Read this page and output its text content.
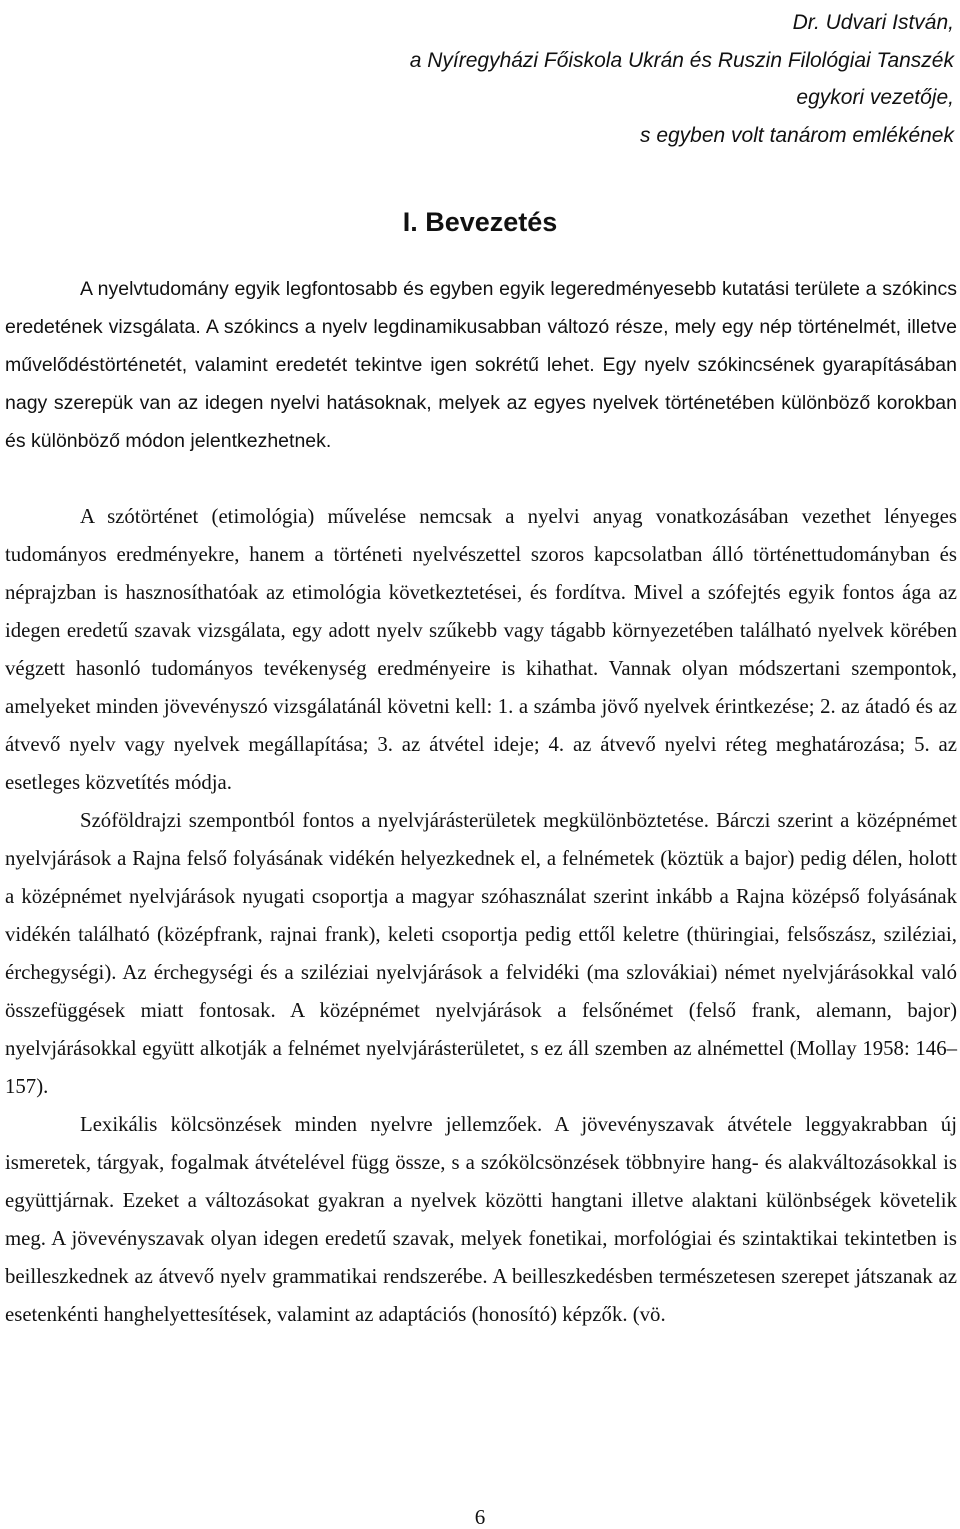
Dr. Udvari István,
a Nyíregyházi Főiskola Ukrán és Ruszin Filológiai Tanszék
egykori vezetője,
s egyben volt tanárom emlékének
I. Bevezetés

A nyelvtudomány egyik legfontosabb és egyben egyik legeredményesebb kutatási területe a szókincs eredetének vizsgálata. A szókincs a nyelv legdinamikusabban változó része, mely egy nép történelmét, illetve művelődéstörténetét, valamint eredetét tekintve igen sokrétű lehet. Egy nyelv szókincsének gyarapításában nagy szerepük van az idegen nyelvi hatásoknak, melyek az egyes nyelvek történetében különböző korokban és különböző módon jelentkezhetnek.

A szótörténet (etimológia) művelése nemcsak a nyelvi anyag vonatkozásában vezethet lényeges tudományos eredményekre, hanem a történeti nyelvészettel szoros kapcsolatban álló történettudományban és néprajzban is hasznosíthatóak az etimológia következtetései, és fordítva. Mivel a szófejtés egyik fontos ága az idegen eredetű szavak vizsgálata, egy adott nyelv szűkebb vagy tágabb környezetében található nyelvek körében végzett hasonló tudományos tevékenység eredményeire is kihathat. Vannak olyan módszertani szempontok, amelyeket minden jövevényszó vizsgálatánál követni kell: 1. a számba jövő nyelvek érintkezése; 2. az átadó és az átvevő nyelv vagy nyelvek megállapítása; 3. az átvétel ideje; 4. az átvevő nyelvi réteg meghatározása; 5. az esetleges közvetítés módja.

Szóföldrajzi szempontból fontos a nyelvjárásterületek megkülönböztetése. Bárczi szerint a középnémet nyelvjárások a Rajna felső folyásának vidékén helyezkednek el, a felnémetek (köztük a bajor) pedig délen, holott a középnémet nyelvjárások nyugati csoportja a magyar szóhasználat szerint inkább a Rajna középső folyásának vidékén található (középfrank, rajnai frank), keleti csoportja pedig ettől keletre (thüringiai, felsőszász, sziléziai, érchegységi). Az érchegységi és a sziléziai nyelvjárások a felvidéki (ma szlovákiai) német nyelvjárásokkal való összefüggések miatt fontosak. A középnémet nyelvjárások a felsőnémet (felső frank, alemann, bajor) nyelvjárásokkal együtt alkotják a felnémet nyelvjárásterületet, s ez áll szemben az alnémettel (Mollay 1958: 146–157).

Lexikális kölcsönzések minden nyelvre jellemzőek. A jövevényszavak átvétele leggyakrabban új ismeretek, tárgyak, fogalmak átvételével függ össze, s a szókölcsönzések többnyire hang- és alakváltozásokkal is együttjárnak. Ezeket a változásokat gyakran a nyelvek közötti hangtani illetve alaktani különbségek követelik meg. A jövevényszavak olyan idegen eredetű szavak, melyek fonetikai, morfológiai és szintaktikai tekintetben is beilleszkednek az átvevő nyelv grammatikai rendszerébe. A beilleszkedésben természetesen szerepet játszanak az esetenkénti hanghelyettesítések, valamint az adaptációs (honosító) képzők. (vö.

6
